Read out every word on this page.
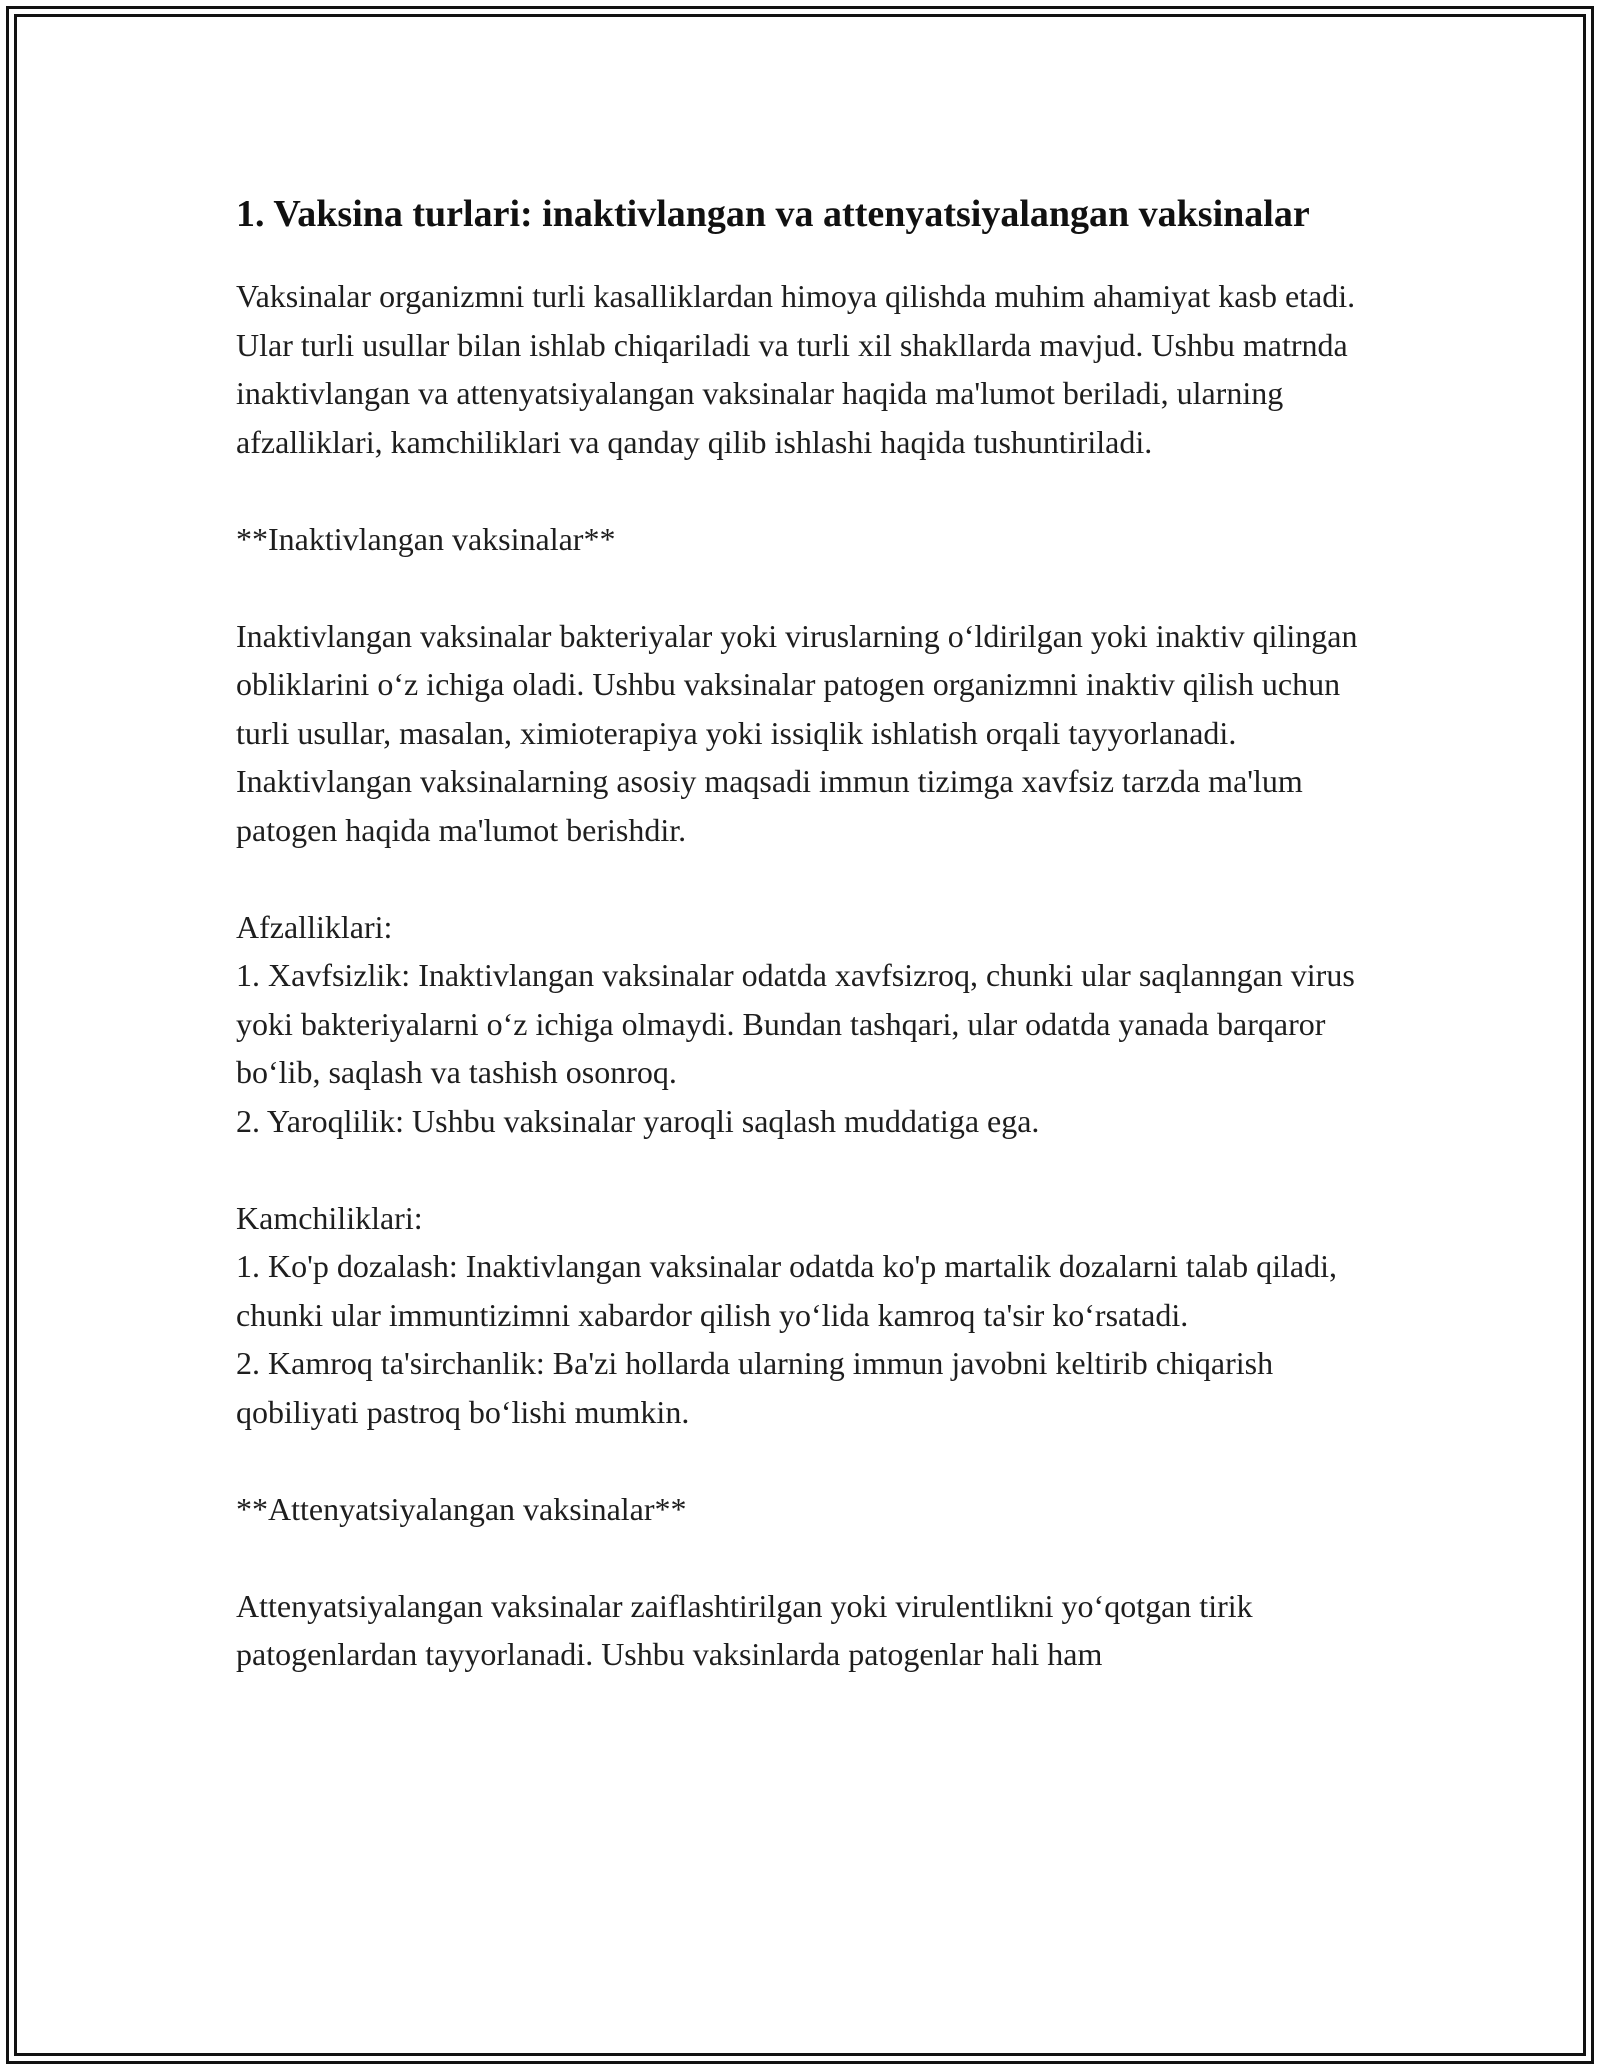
1. Vaksina turlari: inaktivlangan va attenyatsiyalangan vaksinalar

Vaksinalar organizmni turli kasalliklardan himoya qilishda muhim ahamiyat kasb etadi. Ular turli usullar bilan ishlab chiqariladi va turli xil shakllarda mavjud. Ushbu matrnda inaktivlangan va attenyatsiyalangan vaksinalar haqida ma'lumot beriladi, ularning afzalliklari, kamchiliklari va qanday qilib ishlashi haqida tushuntiriladi.

**Inaktivlangan vaksinalar**

Inaktivlangan vaksinalar bakteriyalar yoki viruslarning o‘ldirilgan yoki inaktiv qilingan obliklarini o‘z ichiga oladi. Ushbu vaksinalar patogen organizmni inaktiv qilish uchun turli usullar, masalan, ximioterapiya yoki issiqlik ishlatish orqali tayyorlanadi. Inaktivlangan vaksinalarning asosiy maqsadi immun tizimga xavfsiz tarzda ma'lum patogen haqida ma'lumot berishdir.

Afzalliklari:

1. Xavfsizlik: Inaktivlangan vaksinalar odatda xavfsizroq, chunki ular saqlanngan virus yoki bakteriyalarni o‘z ichiga olmaydi. Bundan tashqari, ular odatda yanada barqaror bo‘lib, saqlash va tashish osonroq.

2. Yaroqlilik: Ushbu vaksinalar yaroqli saqlash muddatiga ega.

Kamchiliklari:

1. Ko'p dozalash: Inaktivlangan vaksinalar odatda ko'p martalik dozalarni talab qiladi, chunki ular immuntizimni xabardor qilish yo‘lida kamroq ta'sir ko‘rsatadi.

2. Kamroq ta'sirchanlik: Ba'zi hollarda ularning immun javobni keltirib chiqarish qobiliyati pastroq bo‘lishi mumkin.

**Attenyatsiyalangan vaksinalar**

Attenyatsiyalangan vaksinalar zaiflashtirilgan yoki virulentlikni yo‘qotgan tirik patogenlardan tayyorlanadi. Ushbu vaksinlarda patogenlar hali ham
